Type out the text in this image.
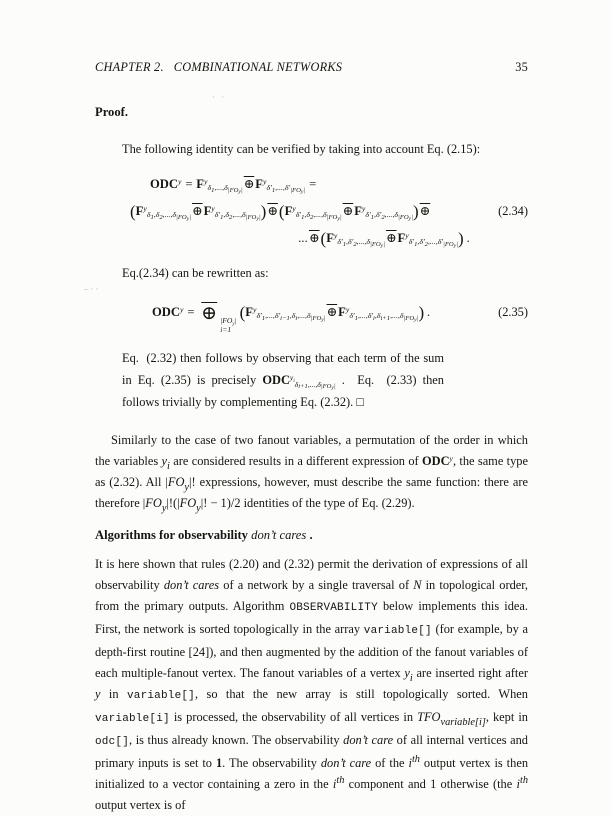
· ·
–··
CHAPTER 2.   COMBINATIONAL NETWORKS	35
Proof.

The following identity can be verified by taking into account Eq. (2.15):

$ODC^y$ = $F^y_{\delta_1,...,\delta_{|FO_y|}}\oplus F^y_{\delta'_1,...,\delta'_{|FO_y|}}$ =
$(F^y_{\delta_1,\delta_2,...,\delta_{|FO_y|}}\oplus F^y_{\delta'_1,\delta_2,...,\delta_{|FO_y|}})\oplus(F^y_{\delta'_1,\delta_2,...,\delta_{|FO_y|}}\oplus F^y_{\delta'_1,\delta'_2,...,\delta_{|FO_y|}})\oplus$
$...\oplus(F^y_{\delta'_1,\delta'_2,...,\delta_{|FO_y|}}\oplus F^y_{\delta'_1,\delta'_2,...,\delta'_{|FO_y|}})$ .
(2.34)

Eq.(2.34) can be rewritten as:

$ODC^y$ = ⊕ $|FO_y|$
i=1
$(F^y_{\delta'_1,...,\delta'_{i-1},\delta_i,...,\delta_{|FO_y|}}\oplus F^y_{\delta'_1,...,\delta'_i,\delta_{i+1},...,\delta_{|FO_y|}})$ .	(2.35)

Eq.  (2.32) then follows by observing that each term of the sum in Eq. (2.35) is precisely $ODC^{y_i}_{\delta_{i+1},...,\delta_{|FO_y|}}$ .  Eq.  (2.33) then follows trivially by complementing Eq. (2.32). □

Similarly to the case of two fanout variables, a permutation of the order in which the variables $y_i$ are considered results in a different expression of ODC$^y$, the same type as (2.32). All $|FO_y|$! expressions, however, must describe the same function: there are therefore $|FO_y|!(|FO_y|$! − 1)/2 identities of the type of Eq. (2.29).

Algorithms for observability don’t cares .

It is here shown that rules (2.20) and (2.32) permit the derivation of expressions of all observability don’t cares of a network by a single traversal of N in topological order, from the primary outputs. Algorithm OBSERVABILITY below implements this idea. First, the network is sorted topologically in the array variable[] (for example, by a depth-first routine [24]), and then augmented by the addition of the fanout variables of each multiple-fanout vertex. The fanout variables of a vertex $y_i$ are inserted right after y in variable[], so that the new array is still topologically sorted. When variable[i] is processed, the observability of all vertices in $TFO_{variable[i]}$, kept in odc[], is thus already known. The observability don’t care of all internal vertices and primary inputs is set to 1. The observability don’t care of the $i^{th}$ output vertex is then initialized to a vector containing a zero in the $i^{th}$ component and 1 otherwise (the $i^{th}$ output vertex is of
